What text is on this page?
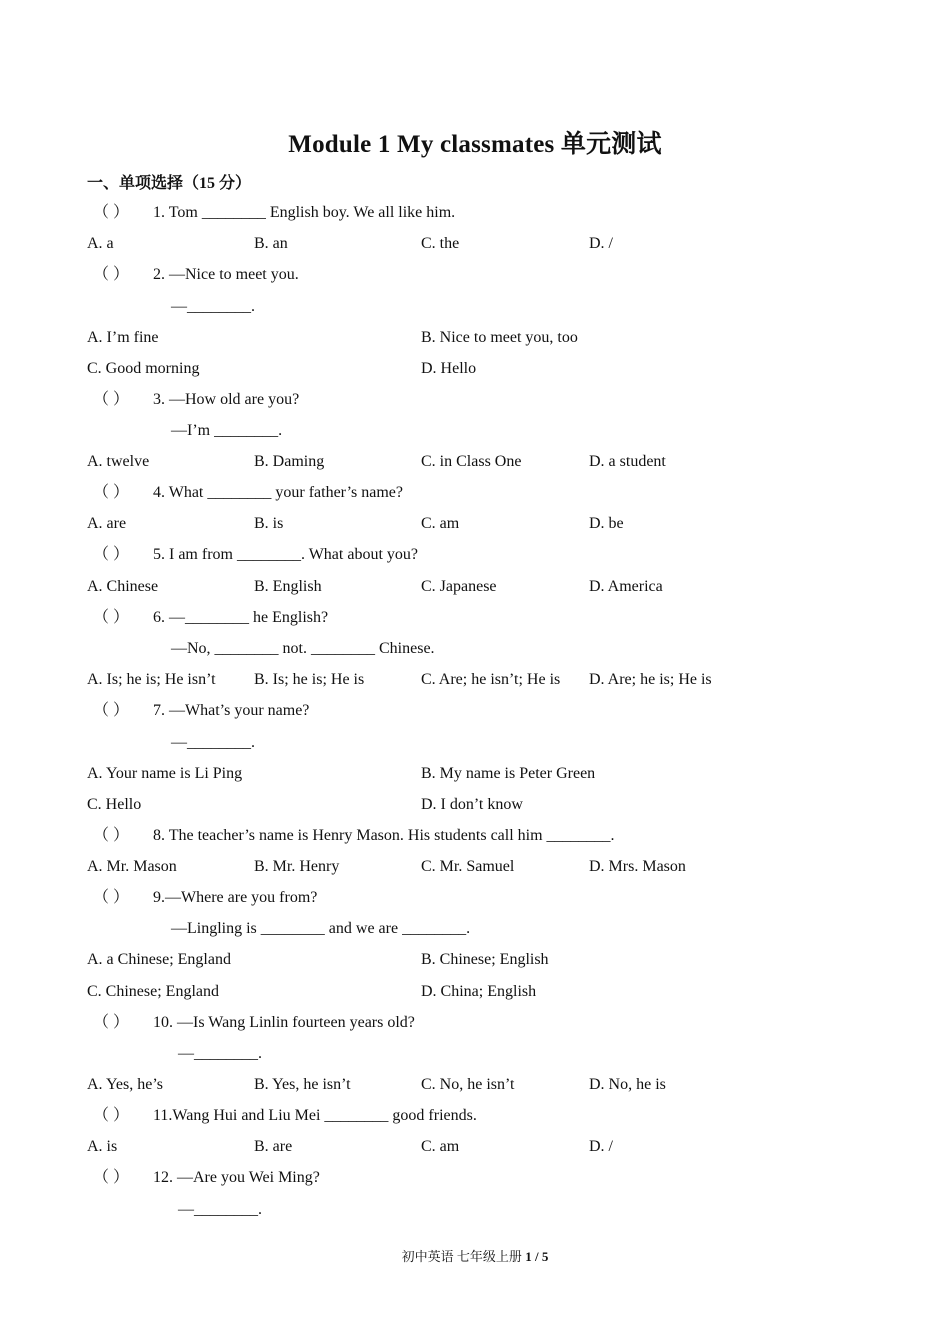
Module 1 My classmates 单元测试
一、单项选择（15 分）
（ ） 1. Tom ________ English boy. We all like him.
A. a	B. an	C. the	D. /
（ ） 2. —Nice to meet you.
—________.
A. I’m fine	B. Nice to meet you, too
C. Good morning	D. Hello
（ ） 3. —How old are you?
—I’m ________.
A. twelve	B. Daming	C. in Class One	D. a student
（ ） 4. What ________ your father’s name?
A. are	B. is	C. am	D. be
（ ） 5. I am from ________. What about you?
A. Chinese	B. English	C. Japanese	D. America
（ ） 6. —________ he English?
—No, ________ not. ________ Chinese.
A. Is; he is; He isn’t B. Is; he is; He is	C. Are; he isn’t; He is D. Are; he is; He is
（ ） 7. —What’s your name?
—________.
A. Your name is Li Ping	B. My name is Peter Green
C. Hello	D. I don’t know
（ ） 8. The teacher’s name is Henry Mason. His students call him ________.
A. Mr. Mason	B. Mr. Henry	C. Mr. Samuel	D. Mrs. Mason
（ ） 9.—Where are you from?
—Lingling is ________ and we are ________.
A. a Chinese; England	B. Chinese; English
C. Chinese; England	D. China; English
（ ） 10. —Is Wang Linlin fourteen years old?
—________.
A. Yes, he’s	B. Yes, he isn’t	C. No, he isn’t	D. No, he is
（ ） 11.Wang Hui and Liu Mei ________ good friends.
A. is	B. are	C. am	D. /
（ ） 12. —Are you Wei Ming?
—________.
初中英语 七年级上册 1 / 5
